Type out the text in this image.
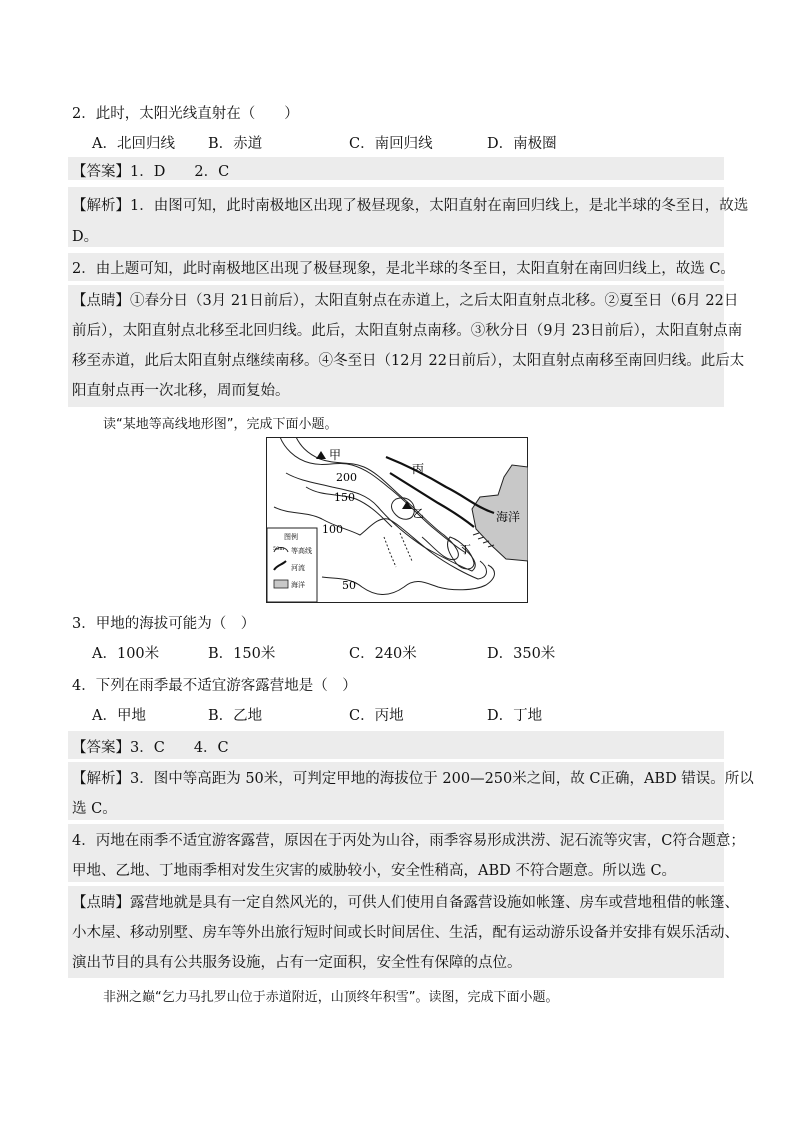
2．此时，太阳光线直射在（　　）
A．北回归线 B．赤道	C．南回归线	D．南极圈
【答案】1．D　　2．C
【解析】1．由图可知，此时南极地区出现了极昼现象，太阳直射在南回归线上，是北半球的冬至日，故选
D。
2．由上题可知，此时南极地区出现了极昼现象，是北半球的冬至日，太阳直射在南回归线上，故选 C。
【点睛】①春分日（3月 21日前后），太阳直射点在赤道上，之后太阳直射点北移。②夏至日（6月 22日
前后），太阳直射点北移至北回归线。此后，太阳直射点南移。③秋分日（9月 23日前后），太阳直射点南
移至赤道，此后太阳直射点继续南移。④冬至日（12月 22日前后），太阳直射点南移至南回归线。此后太
阳直射点再一次北移，周而复始。
读“某地等高线地形图”，完成下面小题。
甲
乙
丙
丁
海洋
200
150
100
50
图例
50m 等高线
河流
海洋
3．甲地的海拔可能为（　）
A．100米	B．150米	C．240米	D．350米
4．下列在雨季最不适宜游客露营地是（　）
A．甲地	B．乙地	C．丙地	D．丁地
【答案】3．C　　4．C
【解析】3．图中等高距为 50米，可判定甲地的海拔位于 200—250米之间，故 C正确，ABD 错误。所以
选 C。
4．丙地在雨季不适宜游客露营，原因在于丙处为山谷，雨季容易形成洪涝、泥石流等灾害，C符合题意；
甲地、乙地、丁地雨季相对发生灾害的威胁较小，安全性稍高，ABD 不符合题意。所以选 C。
【点睛】露营地就是具有一定自然风光的，可供人们使用自备露营设施如帐篷、房车或营地租借的帐篷、
小木屋、移动别墅、房车等外出旅行短时间或长时间居住、生活，配有运动游乐设备并安排有娱乐活动、
演出节目的具有公共服务设施，占有一定面积，安全性有保障的点位。
非洲之巅“乞力马扎罗山位于赤道附近，山顶终年积雪”。读图，完成下面小题。
